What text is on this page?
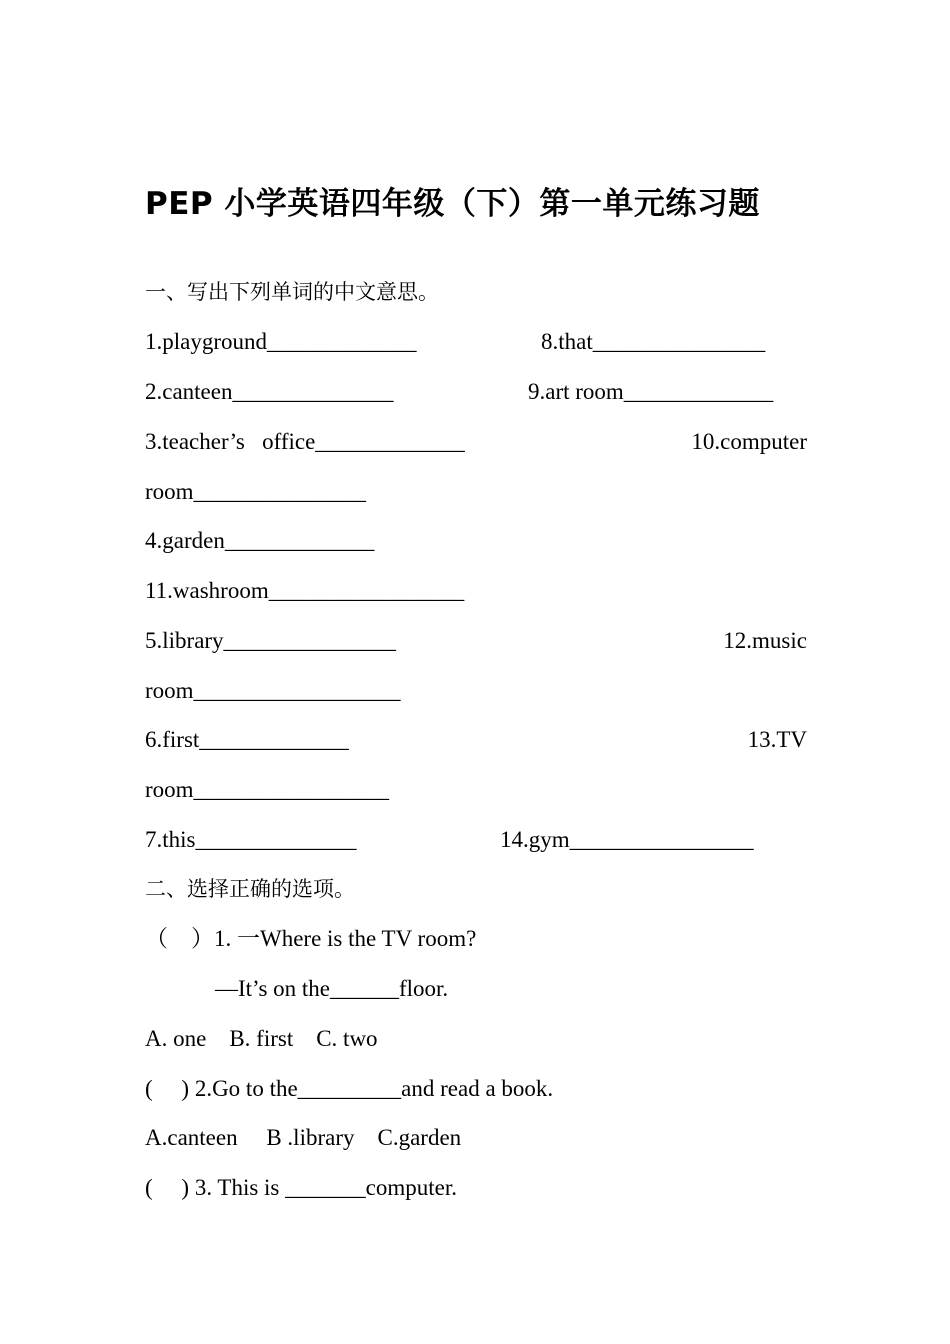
PEP 小学英语四年级（下）第一单元练习题
一、写出下列单词的中文意思。
1.playground_____________	8.that_______________
2.canteen______________	9.art room_____________
3.teacher’s   office_____________	10.computer
room_______________
4.garden_____________
11.washroom_________________
5.library_______________	12.music
room__________________
6.first_____________	13.TV
room_________________
7.this______________	14.gym________________
二、选择正确的选项。
（　）1. 一Where is the TV room?
—It’s on the______floor.
A. one    B. first    C. two
(     ) 2.Go to the_________and read a book.
A.canteen     B .library    C.garden
(     ) 3. This is _______computer.
